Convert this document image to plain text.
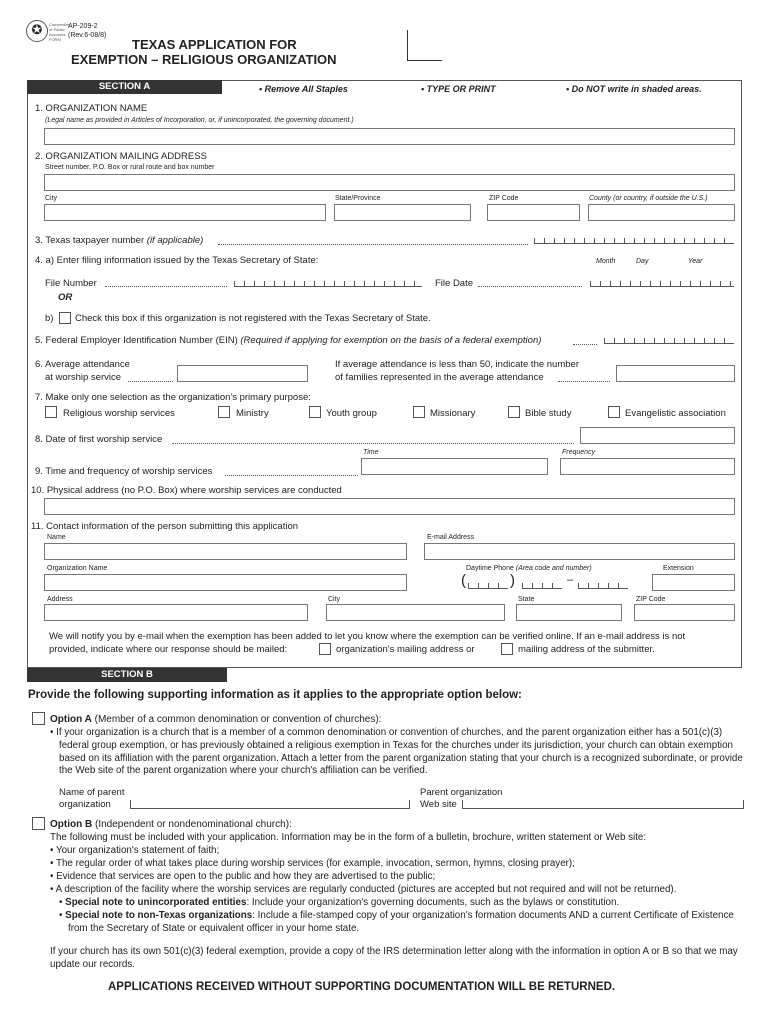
✪	Comptroller of Public Accounts FORM
AP-209-2
(Rev.6-08/8)
TEXAS APPLICATION FOR
EXEMPTION – RELIGIOUS ORGANIZATION
SECTION A	• Remove All Staples	• TYPE OR PRINT	• Do NOT write in shaded areas.
1. ORGANIZATION NAME
(Legal name as provided in Articles of Incorporation, or, if unincorporated, the governing document.)
2. ORGANIZATION MAILING ADDRESS
Street number, P.O. Box or rural route and box number
City	State/Province	ZIP Code	County (or country, if outside the U.S.)
3. Texas taxpayer number (if applicable)
4. a) Enter filing information issued by the Texas Secretary of State:	Month	Day	Year
File Number	File Date
OR
b) Check this box if this organization is not registered with the Texas Secretary of State.
5. Federal Employer Identification Number (EIN) (Required if applying for exemption on the basis of a federal exemption)
6. Average attendance
at worship service
If average attendance is less than 50, indicate the number
of families represented in the average attendance
7. Make only one selection as the organization's primary purpose:
Religious worship services	Ministry	Youth group	Missionary	Bible study	Evangelistic association
8. Date of first worship service
Time	Frequency
9. Time and frequency of worship services
10. Physical address (no P.O. Box) where worship services are conducted
11. Contact information of the person submitting this application
Name	E-mail Address
Organization Name	Daytime Phone (Area code and number)	Extension
(	)	–
Address	City	State	ZIP Code
We will notify you by e-mail when the exemption has been added to let you know where the exemption can be verified online. If an e-mail address is not
provided, indicate where our response should be mailed:	organization's mailing address or	mailing address of the submitter.
SECTION B
Provide the following supporting information as it applies to the appropriate option below:
Option A (Member of a common denomination or convention of churches):
• If your organization is a church that is a member of a common denomination or convention of churches, and the parent organization either has a 501(c)(3) federal group exemption, or has previously obtained a religious exemption in Texas for the churches under its jurisdiction, your church can obtain exemption based on its affiliation with the parent organization. Attach a letter from the parent organization stating that your church is a recognized subordinate, or provide the Web site of the parent organization where your church's affiliation can be verified.
Name of parent
organization
Parent organization
Web site
Option B (Independent or nondenominational church):
The following must be included with your application. Information may be in the form of a bulletin, brochure, written statement or Web site:
• Your organization's statement of faith;
• The regular order of what takes place during worship services (for example, invocation, sermon, hymns, closing prayer);
• Evidence that services are open to the public and how they are advertised to the public;
• A description of the facility where the worship services are regularly conducted (pictures are accepted but not required and will not be returned).
• Special note to unincorporated entities: Include your organization's governing documents, such as the bylaws or constitution.
• Special note to non-Texas organizations: Include a file-stamped copy of your organization's formation documents AND a current Certificate of Existence from the Secretary of State or equivalent officer in your home state.
If your church has its own 501(c)(3) federal exemption, provide a copy of the IRS determination letter along with the information in option A or B so that we may update our records.
APPLICATIONS RECEIVED WITHOUT SUPPORTING DOCUMENTATION WILL BE RETURNED.
